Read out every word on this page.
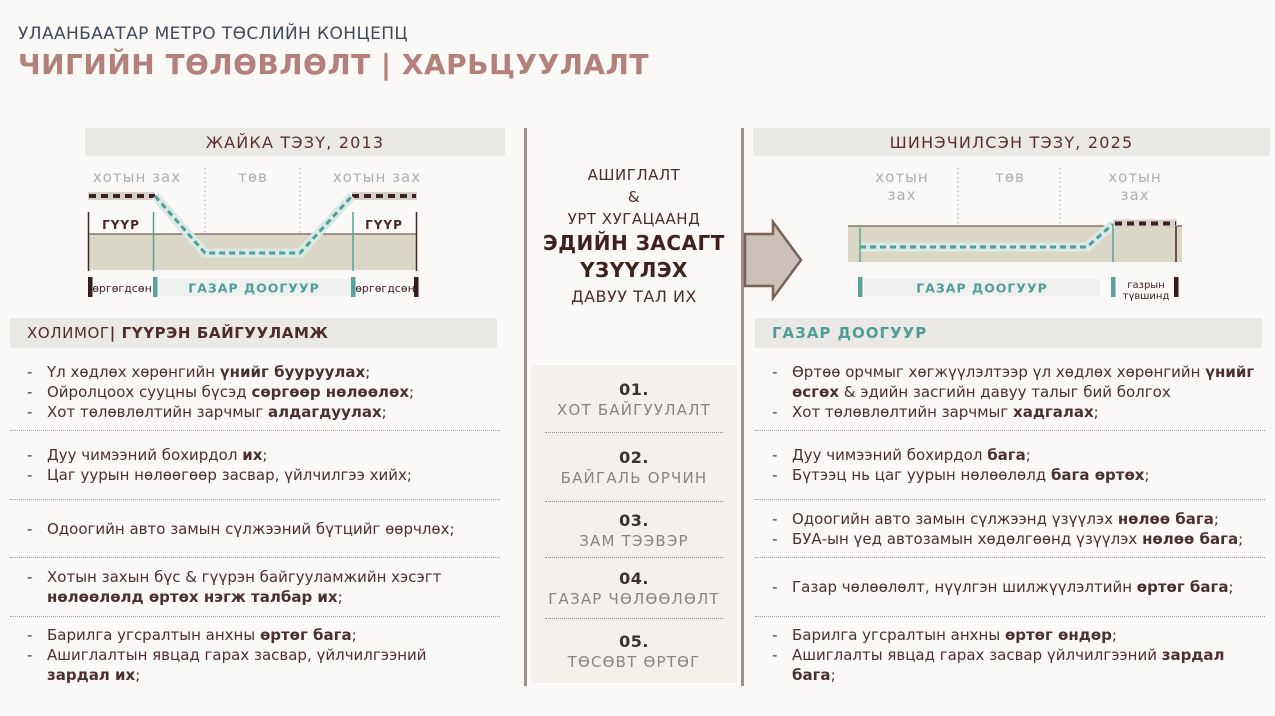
УЛААНБААТАР МЕТРО ТӨСЛИЙН КОНЦЕПЦ
ЧИГИЙН ТӨЛӨВЛӨЛТ | ХАРЬЦУУЛАЛТ
ЖАЙКА ТЭЗҮ, 2013
хотын зах	төв	хотын зах
ГҮҮР	ГҮҮР
өргөгдсөн	ГАЗАР ДООГУУР	өргөгдсөн
ХОЛИМОГ | ГҮҮРЭН БАЙГУУЛАМЖ
- Үл хөдлөх хөрөнгийн үнийг бууруулах;
- Ойролцоох сууцны бүсэд сөргөөр нөлөөлөх;
- Хот төлөвлөлтийн зарчмыг алдагдуулах;
- Дуу чимээний бохирдол их;
- Цаг уурын нөлөөгөөр засвар, үйлчилгээ хийх;
- Одоогийн авто замын сүлжээний бүтцийг өөрчлөх;
- Хотын захын бүс & гүүрэн байгууламжийн хэсэгт нөлөөлөлд өртөх нэгж талбар их;
- Барилга угсралтын анхны өртөг бага;
- Ашиглалтын явцад гарах засвар, үйлчилгээний зардал их;
АШИГЛАЛТ
&
УРТ ХУГАЦААНД
ЭДИЙН ЗАСАГТ
ҮЗҮҮЛЭХ
ДАВУУ ТАЛ ИХ
01.
ХОТ БАЙГУУЛАЛТ
02.
БАЙГАЛЬ ОРЧИН
03.
ЗАМ ТЭЭВЭР
04.
ГАЗАР ЧӨЛӨӨЛӨЛТ
05.
ТӨСӨВТ ӨРТӨГ
ШИНЭЧИЛСЭН ТЭЗҮ, 2025
хотын
зах
төв	хотын
зах
ГАЗАР ДООГУУР	газрын
түвшинд
ГАЗАР ДООГУУР
- Өртөө орчмыг хөгжүүлэлтээр үл хөдлөх хөрөнгийн үнийг өсгөх & эдийн засгийн давуу талыг бий болгох
- Хот төлөвлөлтийн зарчмыг хадгалах;
- Дуу чимээний бохирдол бага;
- Бүтээц нь цаг уурын нөлөөлөлд бага өртөх;
- Одоогийн авто замын сүлжээнд үзүүлэх нөлөө бага;
- БУА-ын үед автозамын хөдөлгөөнд үзүүлэх нөлөө бага;
- Газар чөлөөлөлт, нүүлгэн шилжүүлэлтийн өртөг бага;
- Барилга угсралтын анхны өртөг өндөр;
- Ашиглалты явцад гарах засвар үйлчилгээний зардал бага;
